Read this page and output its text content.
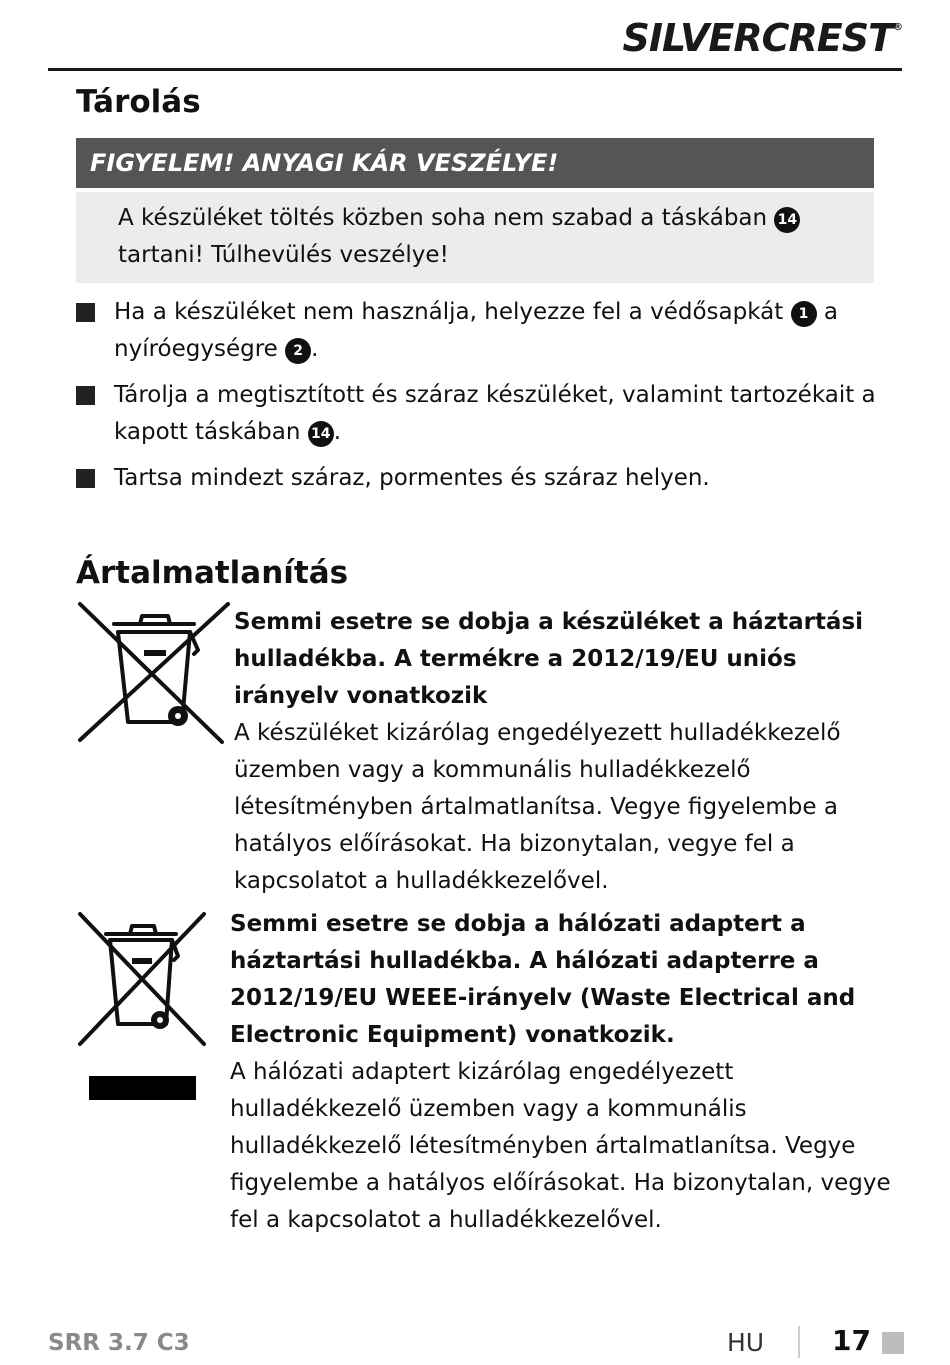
SILVERCREST®
Tárolás
FIGYELEM! ANYAGI KÁR VESZÉLYE!
A készüléket töltés közben soha nem szabad a táskában 14 tartani! Túlhevülés veszélye!
Ha a készüléket nem használja, helyezze fel a védősapkát 1 a nyíróegységre 2 .
Tárolja a megtisztított és száraz készüléket, valamint tartozékait a kapott táskában 14 .
Tartsa mindezt száraz, pormentes és száraz helyen.
Ártalmatlanítás

Semmi esetre se dobja a készüléket a háztartási hulladékba. A termékre a 2012/19/EU uniós irányelv vonatkozik

A készüléket kizárólag engedélyezett hulladékkezelő üzemben vagy a kommunális hulladékkezelő létesítményben ártalmatlanítsa. Vegye figyelembe a hatályos előírásokat. Ha bizonytalan, vegye fel a kapcsolatot a hulladékkezelővel.

Semmi esetre se dobja a hálózati adaptert a háztartási hulladékba. A hálózati adapterre a 2012/19/EU WEEE-irányelv (Waste Electrical and Electronic Equipment) vonatkozik.

A hálózati adaptert kizárólag engedélyezett hulladékkezelő üzemben vagy a kommunális hulladékkezelő létesítményben ártalmatlanítsa. Vegye figyelembe a hatályos előírásokat. Ha bizonytalan, vegye fel a kapcsolatot a hulladékkezelővel.

SRR 3.7 C3	HU 17
